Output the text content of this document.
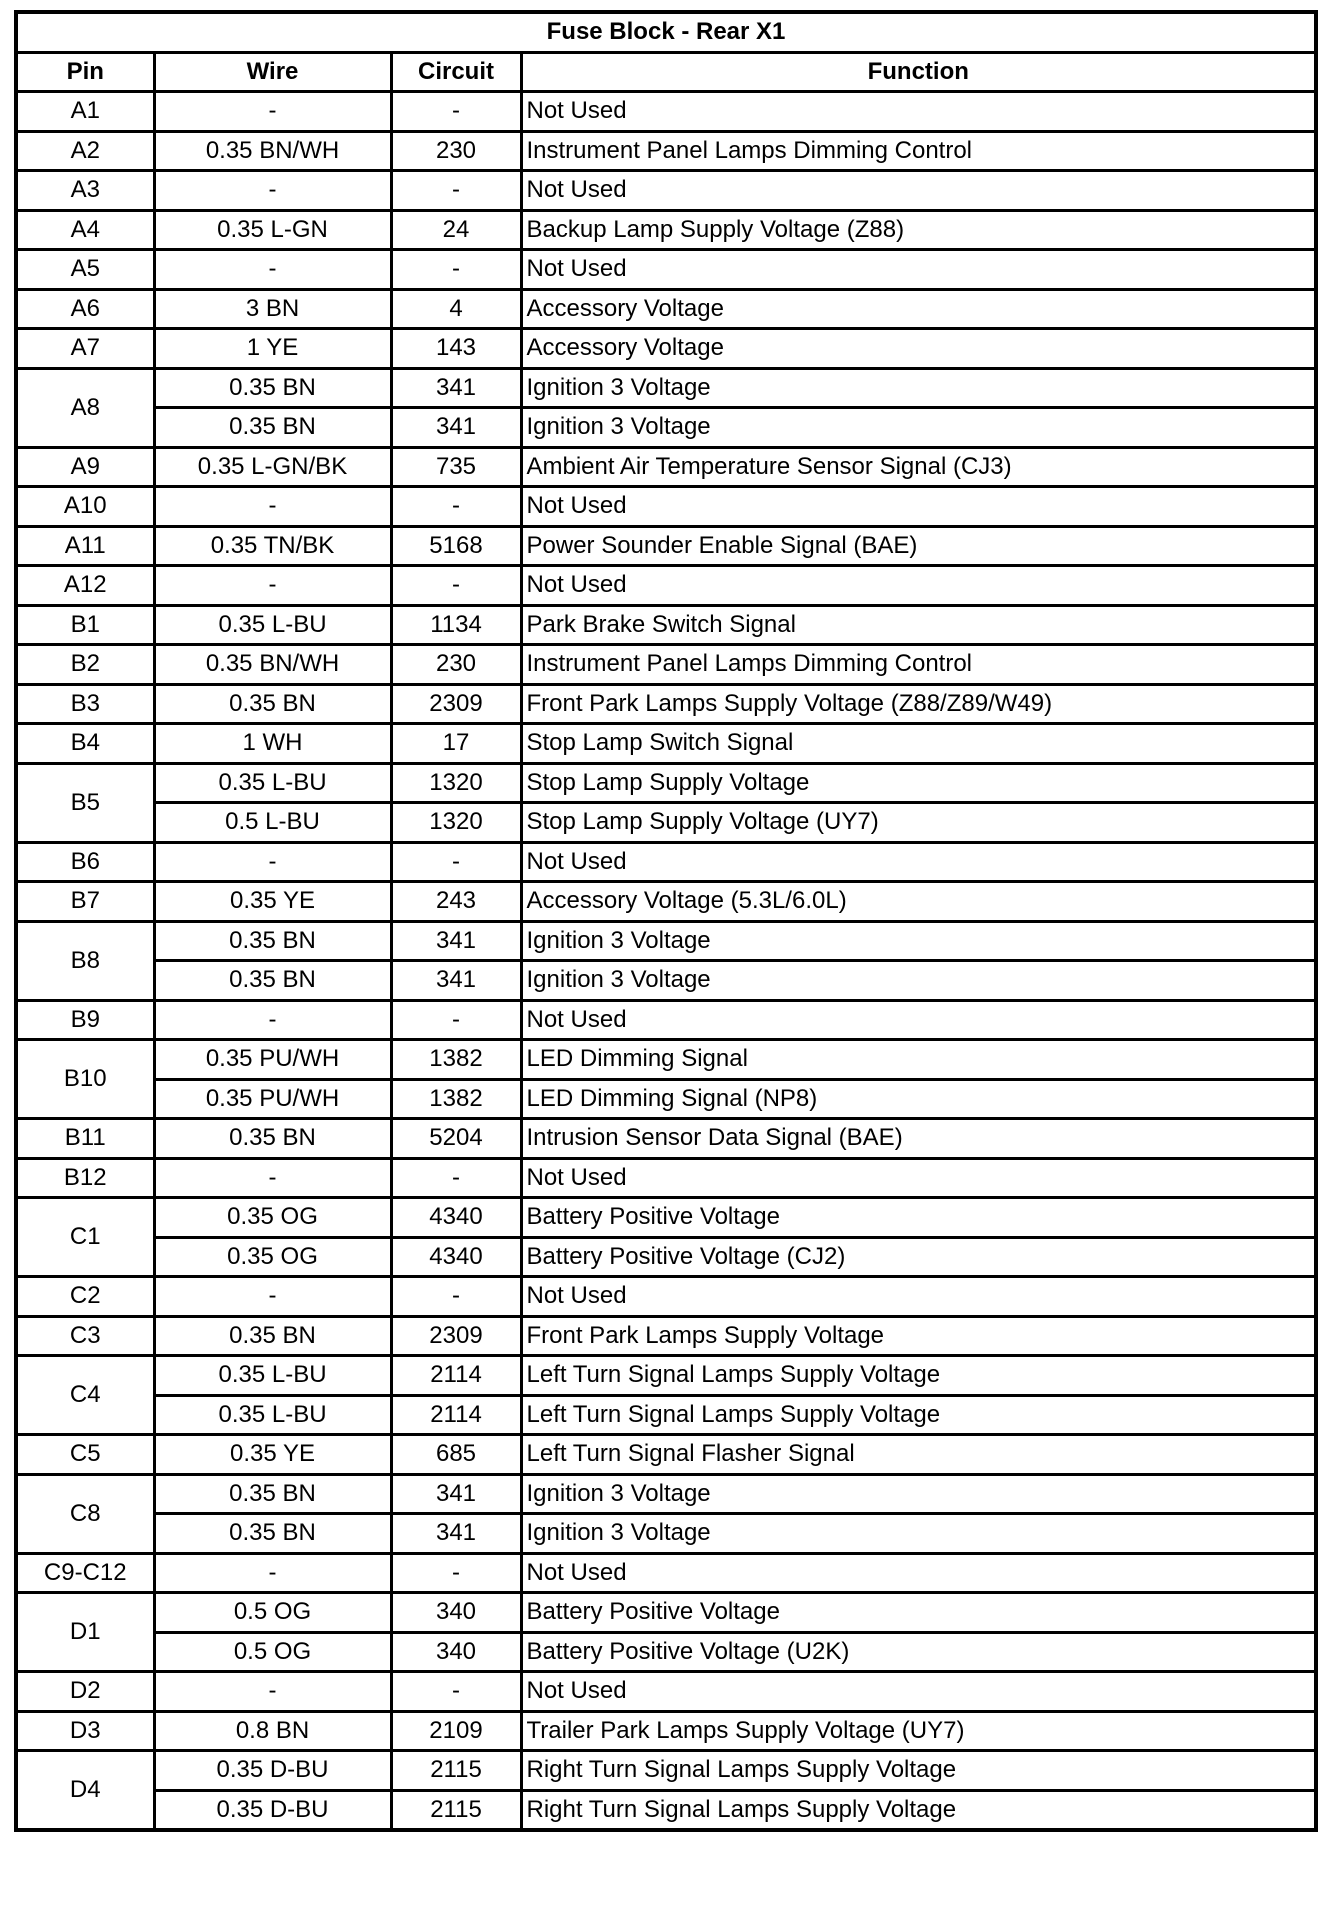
Fuse Block - Rear X1			
Pin	Wire	Circuit	Function
A1	-	-	Not Used
A2	0.35 BN/WH	230	Instrument Panel Lamps Dimming Control
A3	-	-	Not Used
A4	0.35 L-GN	24	Backup Lamp Supply Voltage (Z88)
A5	-	-	Not Used
A6	3 BN	4	Accessory Voltage
A7	1 YE	143	Accessory Voltage
A8	0.35 BN	341	Ignition 3 Voltage
	0.35 BN	341	Ignition 3 Voltage
A9	0.35 L-GN/BK	735	Ambient Air Temperature Sensor Signal (CJ3)
A10	-	-	Not Used
A11	0.35 TN/BK	5168	Power Sounder Enable Signal (BAE)
A12	-	-	Not Used
B1	0.35 L-BU	1134	Park Brake Switch Signal
B2	0.35 BN/WH	230	Instrument Panel Lamps Dimming Control
B3	0.35 BN	2309	Front Park Lamps Supply Voltage (Z88/Z89/W49)
B4	1 WH	17	Stop Lamp Switch Signal
B5	0.35 L-BU	1320	Stop Lamp Supply Voltage
	0.5 L-BU	1320	Stop Lamp Supply Voltage (UY7)
B6	-	-	Not Used
B7	0.35 YE	243	Accessory Voltage (5.3L/6.0L)
B8	0.35 BN	341	Ignition 3 Voltage
	0.35 BN	341	Ignition 3 Voltage
B9	-	-	Not Used
B10	0.35 PU/WH	1382	LED Dimming Signal
	0.35 PU/WH	1382	LED Dimming Signal (NP8)
B11	0.35 BN	5204	Intrusion Sensor Data Signal (BAE)
B12	-	-	Not Used
C1	0.35 OG	4340	Battery Positive Voltage
	0.35 OG	4340	Battery Positive Voltage (CJ2)
C2	-	-	Not Used
C3	0.35 BN	2309	Front Park Lamps Supply Voltage
C4	0.35 L-BU	2114	Left Turn Signal Lamps Supply Voltage
	0.35 L-BU	2114	Left Turn Signal Lamps Supply Voltage
C5	0.35 YE	685	Left Turn Signal Flasher Signal
C8	0.35 BN	341	Ignition 3 Voltage
	0.35 BN	341	Ignition 3 Voltage
C9-C12	-	-	Not Used
D1	0.5 OG	340	Battery Positive Voltage
	0.5 OG	340	Battery Positive Voltage (U2K)
D2	-	-	Not Used
D3	0.8 BN	2109	Trailer Park Lamps Supply Voltage (UY7)
D4	0.35 D-BU	2115	Right Turn Signal Lamps Supply Voltage
	0.35 D-BU	2115	Right Turn Signal Lamps Supply Voltage
